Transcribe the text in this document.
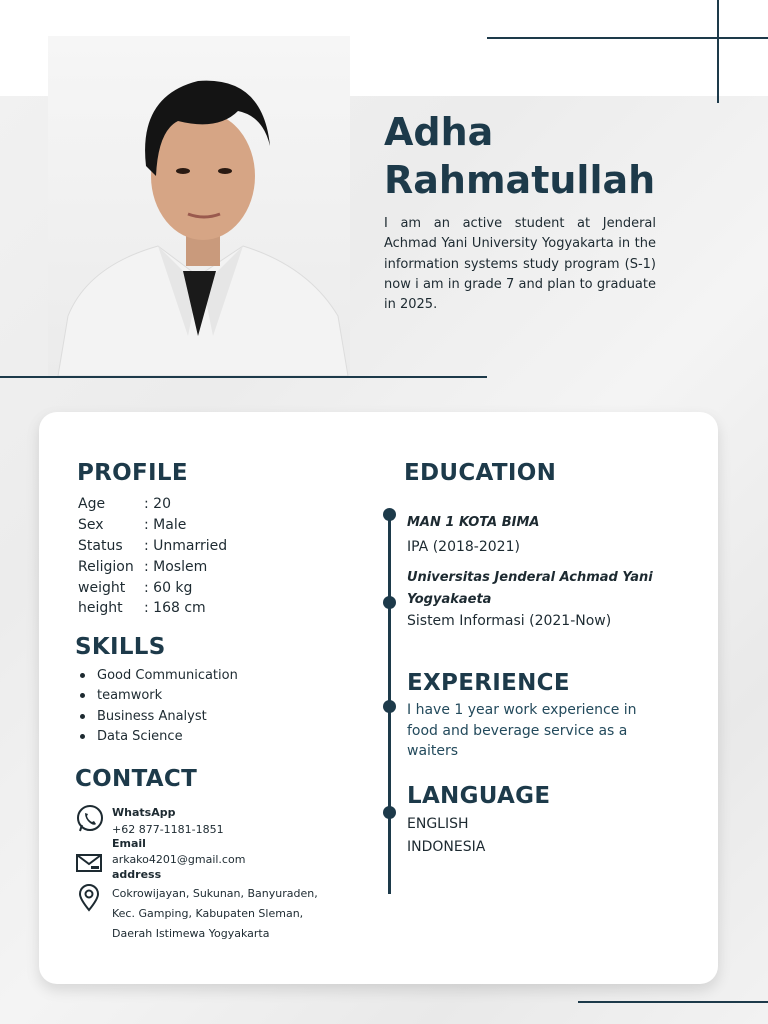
Adha
Rahmatullah
I am an active student at Jenderal Achmad Yani University Yogyakarta in the information systems study program (S-1) now i am in grade 7 and plan to graduate in 2025.
PROFILE
Age	: 20
Sex	: Male
Status : Unmarried
Religion : Moslem
weight : 60 kg
height : 168 cm
SKILLS
Good Communication
teamwork
Business Analyst
Data Science
CONTACT
WhatsApp
+62 877-1181-1851
Email
arkako4201@gmail.com
address
Cokrowijayan, Sukunan, Banyuraden,
Kec. Gamping, Kabupaten Sleman,
Daerah Istimewa Yogyakarta
EDUCATION
MAN 1 KOTA BIMA
IPA (2018-2021)
Universitas Jenderal Achmad Yani Yogyakaeta
Sistem Informasi (2021-Now)
EXPERIENCE
I have 1 year work experience in food and beverage service as a waiters
LANGUAGE
ENGLISH
INDONESIA
